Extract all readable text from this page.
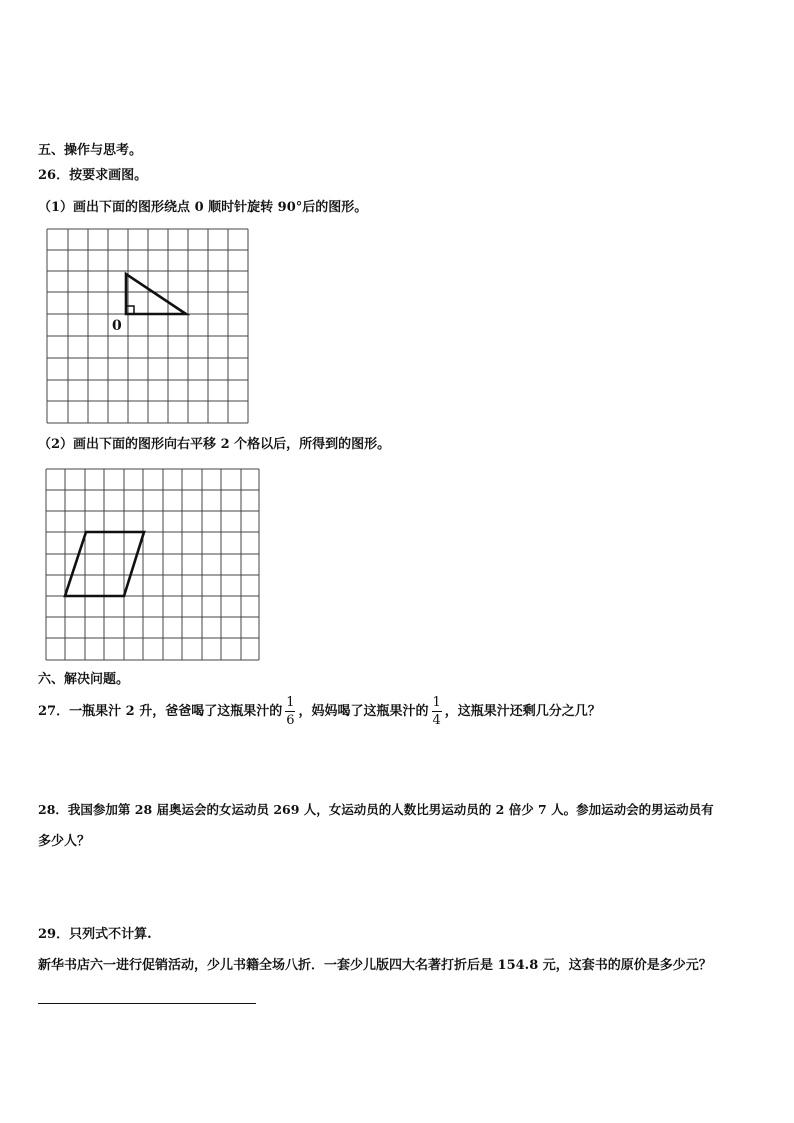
五、操作与思考。
26．按要求画图。
（1）画出下面的图形绕点 0 顺时针旋转 90°后的图形。
0
（2）画出下面的图形向右平移 2 个格以后，所得到的图形。
六、解决问题。
27．一瓶果汁 2 升，爸爸喝了这瓶果汁的 $\frac{1}{6}$ ，妈妈喝了这瓶果汁的 $\frac{1}{4}$ ，这瓶果汁还剩几分之几？
28．我国参加第 28 届奥运会的女运动员 269 人，女运动员的人数比男运动员的 2 倍少 7 人。参加运动会的男运动员有
多少人？
29．只列式不计算.
新华书店六一进行促销活动，少儿书籍全场八折．一套少儿版四大名著打折后是 154.8 元，这套书的原价是多少元？
